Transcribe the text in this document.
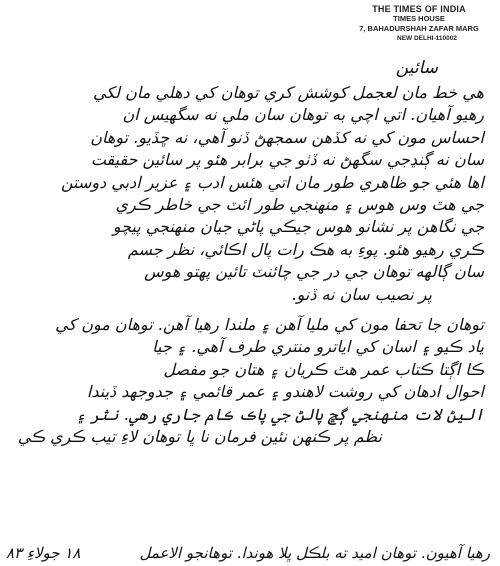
THE TIMES OF INDIA
TIMES HOUSE
7, BAHADURSHAH ZAFAR MARG
NEW DELHI-110002
سائين
هي خط مان لعجمل کوشش کري توهان کي دهلي مان لکي
رهيو آهيان. اتي اچي به توهان سان ملي نه سگهيس ان
احساس مون کي نه کڏهن سمجهڻ ڏنو آهي، نه ڇڏيو. توهان
سان نه ڳنڍجي سگهڻ نه ڏٺو جي برابر هئو پر سائين حقيقت
اها هئي جو ظاهري طور مان اتي هئس ادب ۽ عزير ادبي دوستن
جي هٿ وس هوس ۽ منهنجي طور ائٽ جي خاطر ڪري
جي نگاهن پر نشانو هوس جيڪي پاڻي جيان منهنجي پيچو
ڪري رهيو هئو. پوءِ به هڪ رات پال اڪائي، نظر جسم
سان ڳالهه توهان جي در جي چائنٽ تائين پهتو هوس
پر نصيب سان نه ڏنو.
توهان جا تحفا مون کي مليا آهن ۽ ملندا رهيا آهن. توهان مون کي
ياد ڪيو ۽ اسان کي اياترو منتري طرف آهي. ۽ جيا
ڪا اڳتا ڪتاب عمر هٿ ڪريان ۽ هتان جو مفصل
احوال ادهان کي روشت لاهندو ۽ عمر قائمي ۽ جدوجهد ڏيندا
اليڻ لات منهنجي ڳڇ پالڻ جي پاڪ ڪام جاري رهي. نثر ۽
نظم پر ڪنهن نئين فرمان نا ڀا توهان لاءِ تيب ڪري ڪي
رهيا آهيون. توهان اميد ته بلڪل ڀلا هوندا. توهانجو الاعمل
١٨ جولاءِ ٨٣
